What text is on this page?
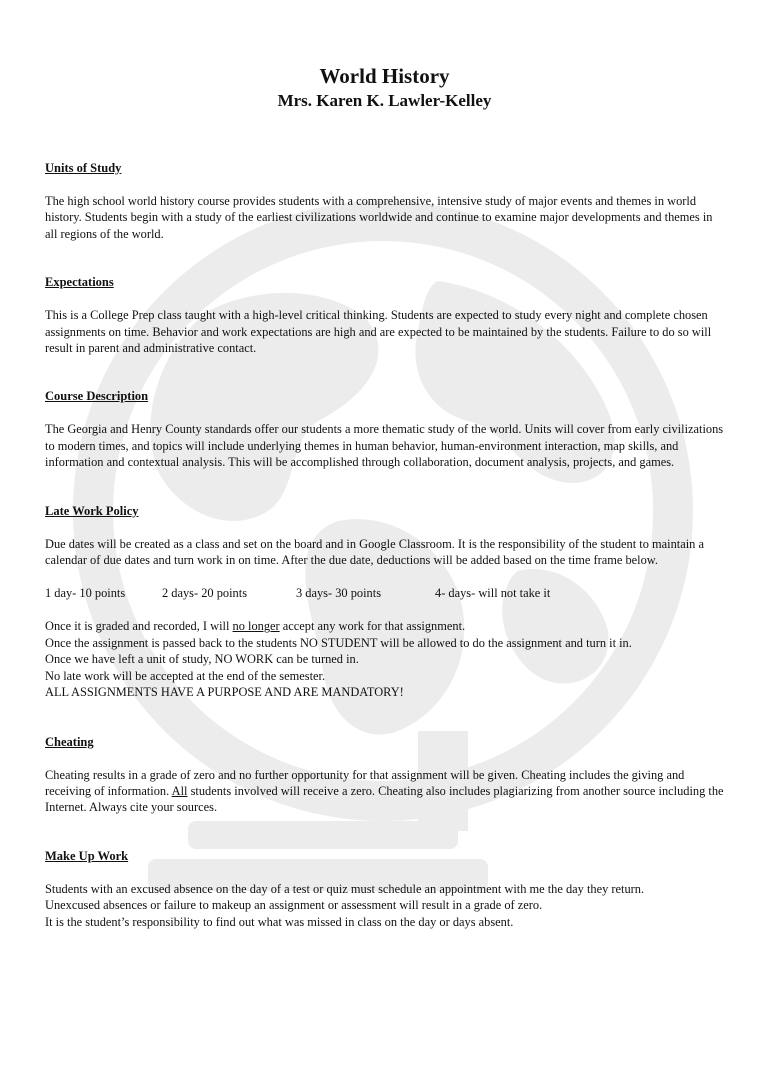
World History
Mrs. Karen K. Lawler-Kelley
Units of Study

The high school world history course provides students with a comprehensive, intensive study of major events and themes in world history. Students begin with a study of the earliest civilizations worldwide and continue to examine major developments and themes in all regions of the world.

Expectations

This is a College Prep class taught with a high-level critical thinking. Students are expected to study every night and complete chosen assignments on time. Behavior and work expectations are high and are expected to be maintained by the students. Failure to do so will result in parent and administrative contact.

Course Description

The Georgia and Henry County standards offer our students a more thematic study of the world. Units will cover from early civilizations to modern times, and topics will include underlying themes in human behavior, human-environment interaction, map skills, and information and contextual analysis. This will be accomplished through collaboration, document analysis, projects, and games.

Late Work Policy

Due dates will be created as a class and set on the board and in Google Classroom. It is the responsibility of the student to maintain a calendar of due dates and turn work in on time. After the due date, deductions will be added based on the time frame below.

1 day- 10 points	2 days- 20 points	3 days- 30 points	4- days- will not take it

Once it is graded and recorded, I will no longer accept any work for that assignment.

Once the assignment is passed back to the students NO STUDENT will be allowed to do the assignment and turn it in.

Once we have left a unit of study, NO WORK can be turned in.

No late work will be accepted at the end of the semester.

ALL ASSIGNMENTS HAVE A PURPOSE AND ARE MANDATORY!

Cheating

Cheating results in a grade of zero and no further opportunity for that assignment will be given. Cheating includes the giving and receiving of information. All students involved will receive a zero. Cheating also includes plagiarizing from another source including the Internet. Always cite your sources.

Make Up Work

Students with an excused absence on the day of a test or quiz must schedule an appointment with me the day they return.

Unexcused absences or failure to makeup an assignment or assessment will result in a grade of zero.

It is the student’s responsibility to find out what was missed in class on the day or days absent.
